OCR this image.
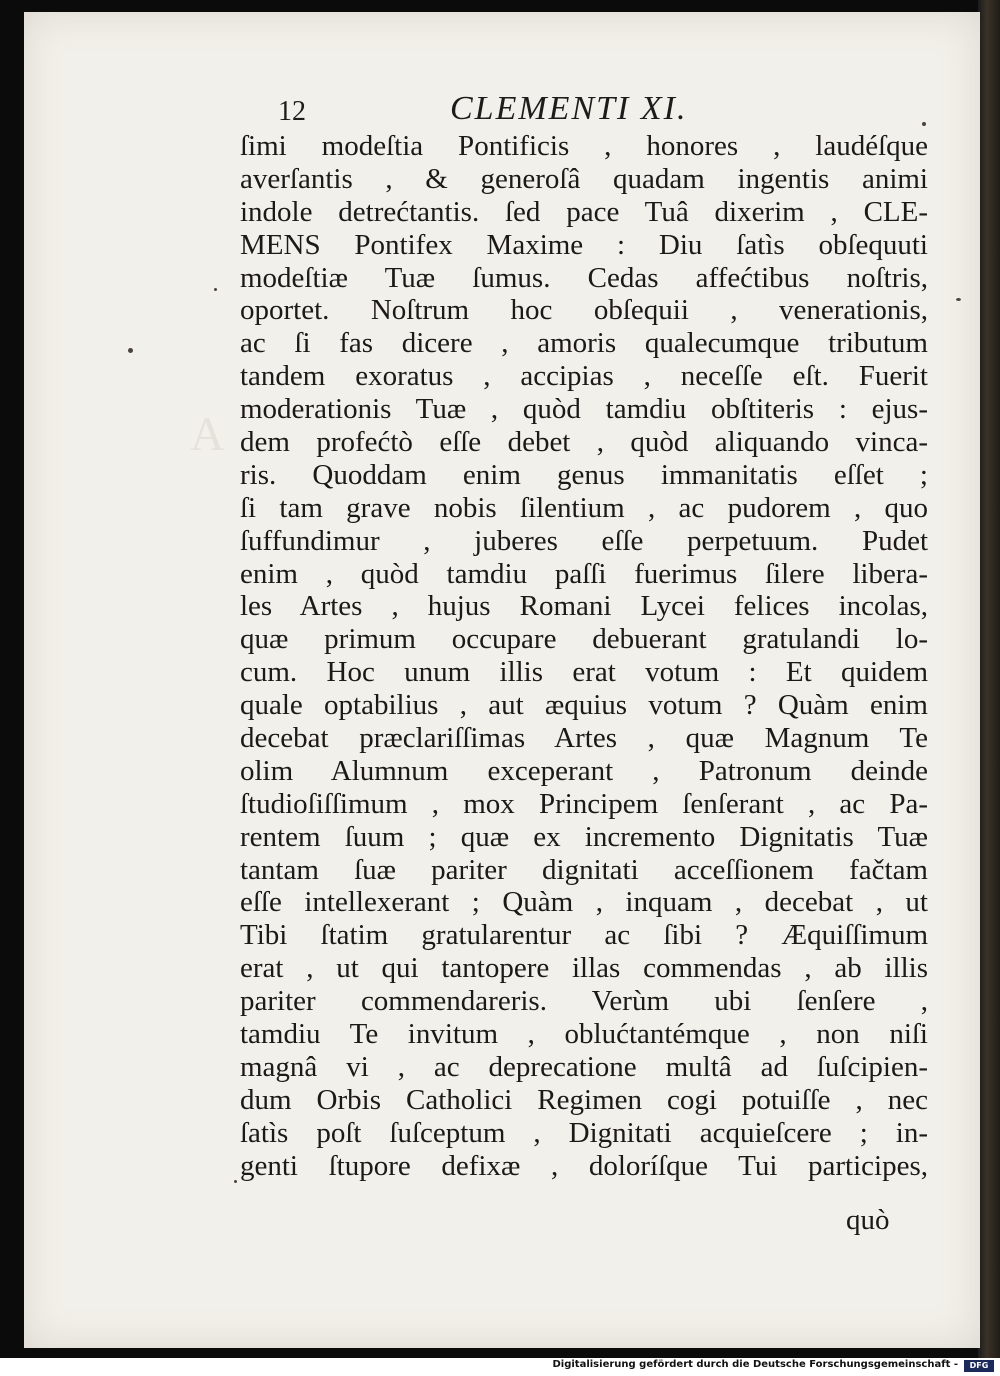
A
12	CLEMENTI XI.
ſimi modeſtia Pontificis , honores , laudéſque
averſantis , & generoſâ quadam ingentis animi
indole detrećtantis. ſed pace Tuâ dixerim , CLE-
MENS Pontifex Maxime : Diu ſatìs obſequuti
modeſtiæ Tuæ ſumus. Cedas affećtibus noſtris,
oportet. Noſtrum hoc obſequii , venerationis,
ac ſi fas dicere , amoris qualecumque tributum
tandem exoratus , accipias , neceſſe eſt. Fuerit
moderationis Tuæ , quòd tamdiu obſtiteris : ejus-
dem profećtò eſſe debet , quòd aliquando vinca-
ris. Quoddam enim genus immanitatis eſſet ;
ſi tam grave nobis ſilentium , ac pudorem , quo
ſuffundimur , juberes eſſe perpetuum. Pudet
enim , quòd tamdiu paſſi fuerimus ſilere libera-
les Artes , hujus Romani Lycei felices incolas,
quæ primum occupare debuerant gratulandi lo-
cum. Hoc unum illis erat votum : Et quidem
quale optabilius , aut æquius votum ? Quàm enim
decebat præclariſſimas Artes , quæ Magnum Te
olim Alumnum exceperant , Patronum deinde
ſtudioſiſſimum , mox Principem ſenſerant , ac Pa-
rentem ſuum ; quæ ex incremento Dignitatis Tuæ
tantam ſuæ pariter dignitati acceſſionem fačtam
eſſe intellexerant ; Quàm , inquam , decebat , ut
Tibi ſtatim gratularentur ac ſibi ? Æquiſſimum
erat , ut qui tantopere illas commendas , ab illis
pariter commendareris. Verùm ubi ſenſere ,
tamdiu Te invitum , oblućtantémque , non niſi
magnâ vi , ac deprecatione multâ ad ſuſcipien-
dum Orbis Catholici Regimen cogi potuiſſe , nec
ſatìs poſt ſuſceptum , Dignitati acquieſcere ; in-
genti ſtupore defixæ , doloríſque Tui participes,
quò
Digitalisierung gefördert durch die Deutsche Forschungsgemeinschaft -	DFG
